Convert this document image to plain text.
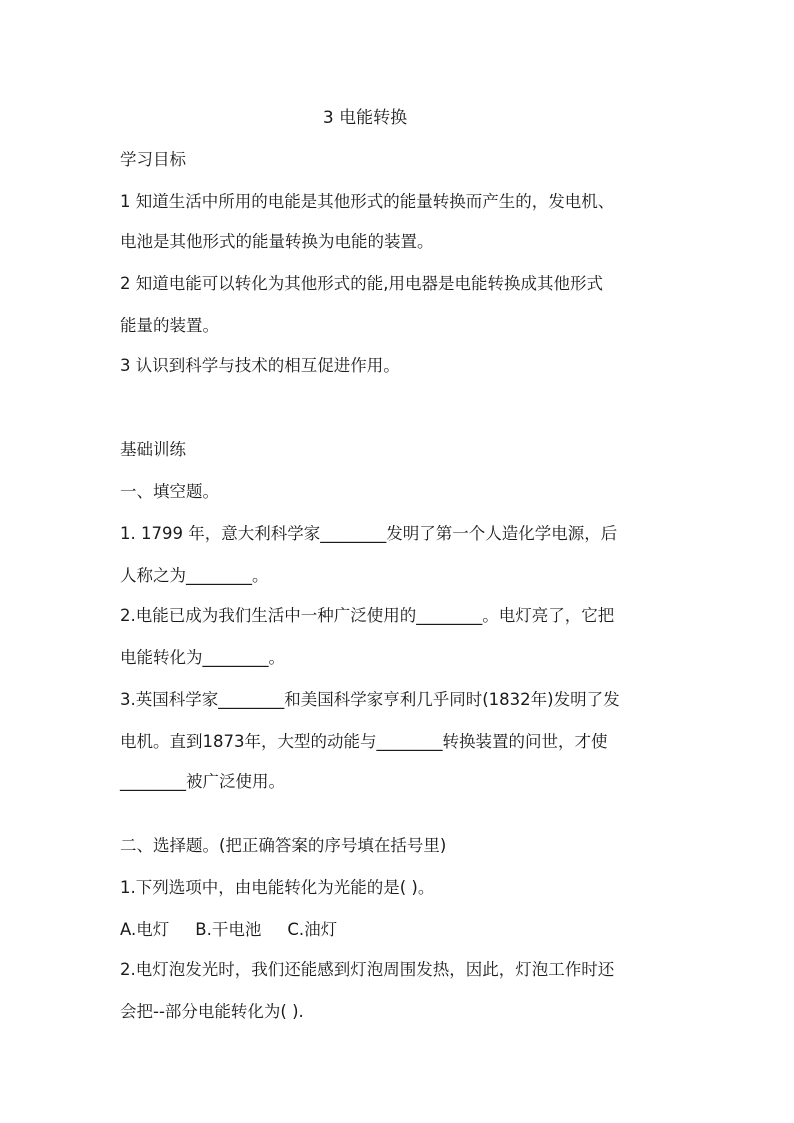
3 电能转换
学习目标
1 知道生活中所用的电能是其他形式的能量转换而产生的，发电机、
电池是其他形式的能量转换为电能的装置。
2 知道电能可以转化为其他形式的能,用电器是电能转换成其他形式
能量的装置。
3 认识到科学与技术的相互促进作用。
基础训练
一、填空题。
1. 1799 年，意大利科学家________发明了第一个人造化学电源，后
人称之为________。
2.电能已成为我们生活中一种广泛使用的________。电灯亮了，它把
电能转化为________。
3.英国科学家________和美国科学家亨利几乎同时(1832年)发明了发
电机。直到1873年，大型的动能与________转换装置的问世，才使
________被广泛使用。
二、选择题。(把正确答案的序号填在括号里)
1.下列选项中，由电能转化为光能的是( )。
A.电灯 B.干电池 C.油灯
2.电灯泡发光时，我们还能感到灯泡周围发热，因此，灯泡工作时还
会把--部分电能转化为( ).
